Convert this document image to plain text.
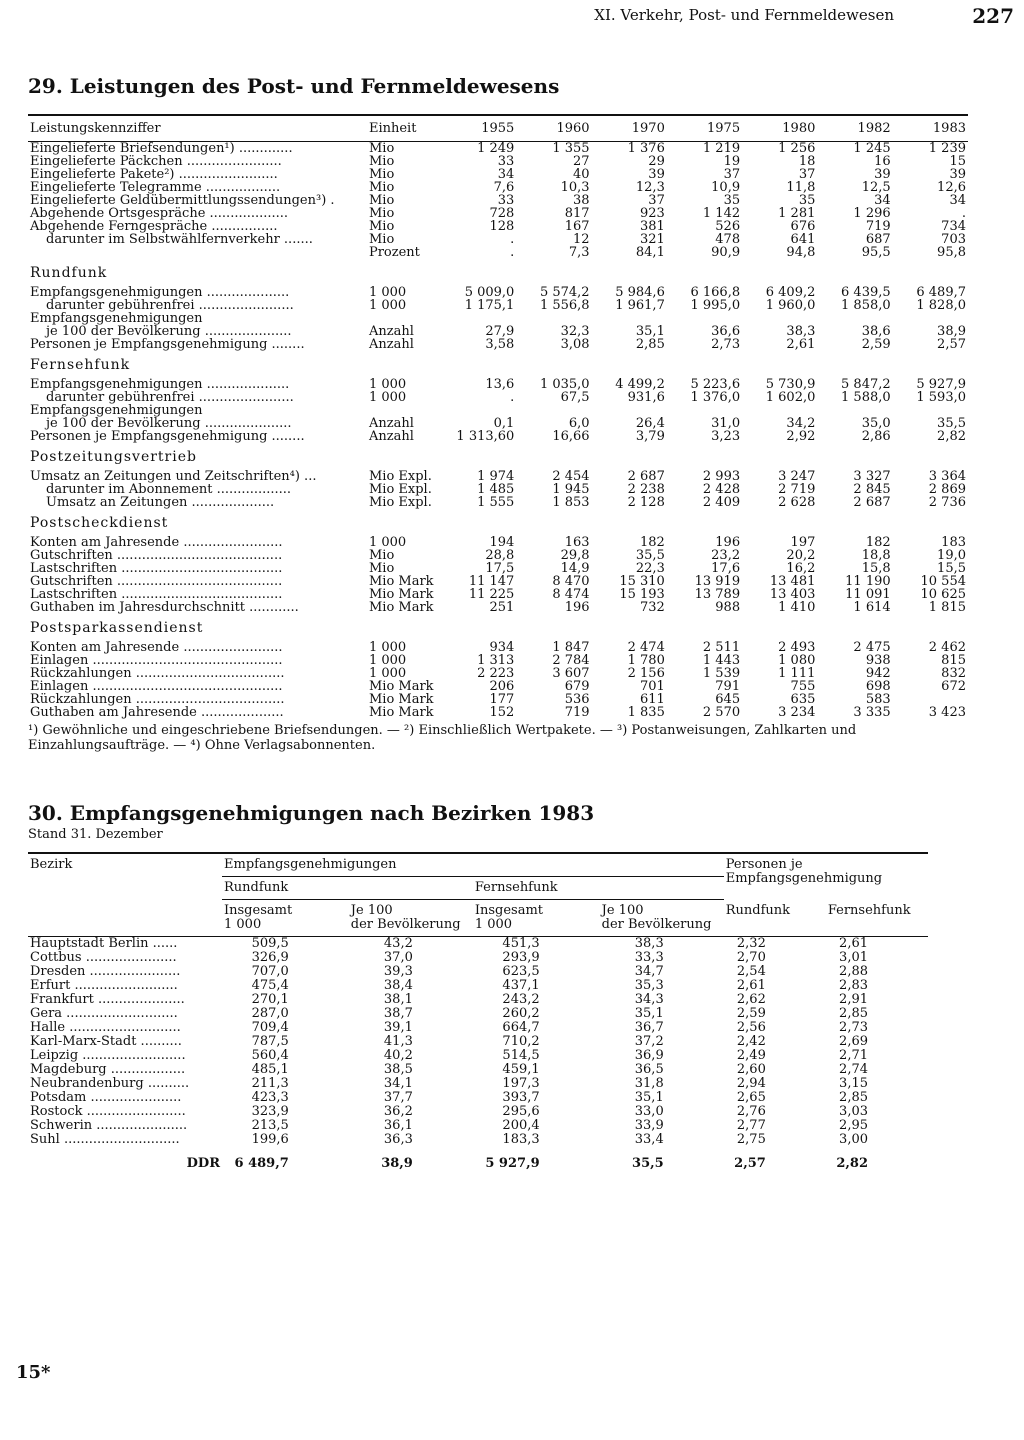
XI. Verkehr, Post- und Fernmeldewesen	227
29. Leistungen des Post- und Fernmeldewesens
Leistungskennziffer	Einheit	1955	1960	1970	1975	1980	1982	1983
Eingelieferte Briefsendungen¹) .............	Mio	1 249	1 355	1 376	1 219	1 256	1 245	1 239
Eingelieferte Päckchen .......................	Mio	33	27	29	19	18	16	15
Eingelieferte Pakete²) ........................	Mio	34	40	39	37	37	39	39
Eingelieferte Telegramme ..................	Mio	7,6	10,3	12,3	10,9	11,8	12,5	12,6
Eingelieferte Geldübermittlungssendungen³) .	Mio	33	38	37	35	35	34	34
Abgehende Ortsgespräche ...................	Mio	728	817	923	1 142	1 281	1 296	.
Abgehende Ferngespräche ................	Mio	128	167	381	526	676	719	734
darunter im Selbstwählfernverkehr .......	Mio	.	12	321	478	641	687	703
	Prozent	.	7,3	84,1	90,9	94,8	95,5	95,8
Rundfunk								
Empfangsgenehmigungen ....................	1 000	5 009,0	5 574,2	5 984,6	6 166,8	6 409,2	6 439,5	6 489,7
darunter gebührenfrei .......................	1 000	1 175,1	1 556,8	1 961,7	1 995,0	1 960,0	1 858,0	1 828,0
Empfangsgenehmigungen								
je 100 der Bevölkerung .....................	Anzahl	27,9	32,3	35,1	36,6	38,3	38,6	38,9
Personen je Empfangsgenehmigung ........	Anzahl	3,58	3,08	2,85	2,73	2,61	2,59	2,57
Fernsehfunk								
Empfangsgenehmigungen ....................	1 000	13,6	1 035,0	4 499,2	5 223,6	5 730,9	5 847,2	5 927,9
darunter gebührenfrei .......................	1 000	.	67,5	931,6	1 376,0	1 602,0	1 588,0	1 593,0
Empfangsgenehmigungen								
je 100 der Bevölkerung .....................	Anzahl	0,1	6,0	26,4	31,0	34,2	35,0	35,5
Personen je Empfangsgenehmigung ........	Anzahl	1 313,60	16,66	3,79	3,23	2,92	2,86	2,82
Postzeitungsvertrieb								
Umsatz an Zeitungen und Zeitschriften⁴) ...	Mio Expl.	1 974	2 454	2 687	2 993	3 247	3 327	3 364
darunter im Abonnement ..................	Mio Expl.	1 485	1 945	2 238	2 428	2 719	2 845	2 869
Umsatz an Zeitungen ....................	Mio Expl.	1 555	1 853	2 128	2 409	2 628	2 687	2 736
Postscheckdienst								
Konten am Jahresende ........................	1 000	194	163	182	196	197	182	183
Gutschriften ........................................	Mio	28,8	29,8	35,5	23,2	20,2	18,8	19,0
Lastschriften .......................................	Mio	17,5	14,9	22,3	17,6	16,2	15,8	15,5
Gutschriften ........................................	Mio Mark	11 147	8 470	15 310	13 919	13 481	11 190	10 554
Lastschriften .......................................	Mio Mark	11 225	8 474	15 193	13 789	13 403	11 091	10 625
Guthaben im Jahresdurchschnitt ............	Mio Mark	251	196	732	988	1 410	1 614	1 815
Postsparkassendienst								
Konten am Jahresende ........................	1 000	934	1 847	2 474	2 511	2 493	2 475	2 462
Einlagen ..............................................	1 000	1 313	2 784	1 780	1 443	1 080	938	815
Rückzahlungen ....................................	1 000	2 223	3 607	2 156	1 539	1 111	942	832
Einlagen ..............................................	Mio Mark	206	679	701	791	755	698	672
Rückzahlungen ....................................	Mio Mark	177	536	611	645	635	583	
Guthaben am Jahresende ....................	Mio Mark	152	719	1 835	2 570	3 234	3 335	3 423
¹) Gewöhnliche und eingeschriebene Briefsendungen. — ²) Einschließlich Wertpakete. — ³) Postanweisungen, Zahlkarten und Einzahlungsaufträge. — ⁴) Ohne Verlagsabonnenten.
30. Empfangsgenehmigungen nach Bezirken 1983
Stand 31. Dezember
Bezirk	Empfangsgenehmigungen				Personen je
Empfangsgenehmigung	
	Rundfunk		Fernsehfunk			
	Insgesamt
1 000	Je 100
der Bevölkerung	Insgesamt
1 000	Je 100
der Bevölkerung	Rundfunk	Fernsehfunk
Hauptstadt Berlin ......	509,5	43,2	451,3	38,3	2,32	2,61
Cottbus ......................	326,9	37,0	293,9	33,3	2,70	3,01
Dresden ......................	707,0	39,3	623,5	34,7	2,54	2,88
Erfurt .........................	475,4	38,4	437,1	35,3	2,61	2,83
Frankfurt .....................	270,1	38,1	243,2	34,3	2,62	2,91
Gera ...........................	287,0	38,7	260,2	35,1	2,59	2,85
Halle ...........................	709,4	39,1	664,7	36,7	2,56	2,73
Karl-Marx-Stadt ..........	787,5	41,3	710,2	37,2	2,42	2,69
Leipzig .........................	560,4	40,2	514,5	36,9	2,49	2,71
Magdeburg ..................	485,1	38,5	459,1	36,5	2,60	2,74
Neubrandenburg ..........	211,3	34,1	197,3	31,8	2,94	3,15
Potsdam ......................	423,3	37,7	393,7	35,1	2,65	2,85
Rostock ........................	323,9	36,2	295,6	33,0	2,76	3,03
Schwerin ......................	213,5	36,1	200,4	33,9	2,77	2,95
Suhl ............................	199,6	36,3	183,3	33,4	2,75	3,00
DDR	6 489,7	38,9	5 927,9	35,5	2,57	2,82
15*
